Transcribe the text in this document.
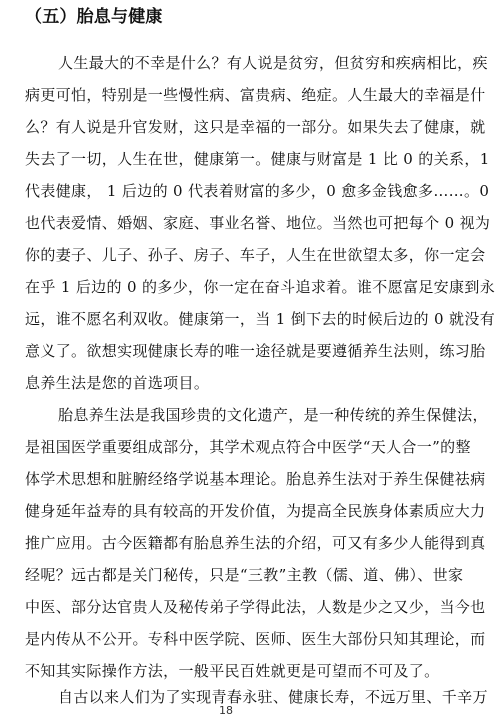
（五）胎息与健康
人生最大的不幸是什么？有人说是贫穷，但贫穷和疾病相比，疾
病更可怕，特别是一些慢性病、富贵病、绝症。人生最大的幸福是什
么？有人说是升官发财，这只是幸福的一部分。如果失去了健康，就
失去了一切，人生在世，健康第一。健康与财富是 1 比 0 的关系，1
代表健康， 1 后边的 0 代表着财富的多少，0 愈多金钱愈多……。0
也代表爱情、婚姻、家庭、事业名誉、地位。当然也可把每个 0 视为
你的妻子、儿子、孙子、房子、车子，人生在世欲望太多，你一定会
在乎 1 后边的 0 的多少，你一定在奋斗追求着。谁不愿富足安康到永
远，谁不愿名利双收。健康第一，当 1 倒下去的时候后边的 0 就没有
意义了。欲想实现健康长寿的唯一途径就是要遵循养生法则，练习胎
息养生法是您的首选项目。
胎息养生法是我国珍贵的文化遗产，是一种传统的养生保健法，
是祖国医学重要组成部分，其学术观点符合中医学“天人合一”的整
体学术思想和脏腑经络学说基本理论。胎息养生法对于养生保健祛病
健身延年益寿的具有较高的开发价值，为提高全民族身体素质应大力
推广应用。古今医籍都有胎息养生法的介绍，可又有多少人能得到真
经呢？远古都是关门秘传，只是“三教”主教（儒、道、佛）、世家
中医、部分达官贵人及秘传弟子学得此法，人数是少之又少，当今也
是内传从不公开。专科中医学院、医师、医生大部份只知其理论，而
不知其实际操作方法，一般平民百姓就更是可望而不可及了。
自古以来人们为了实现青春永驻、健康长寿，不远万里、千辛万
18
